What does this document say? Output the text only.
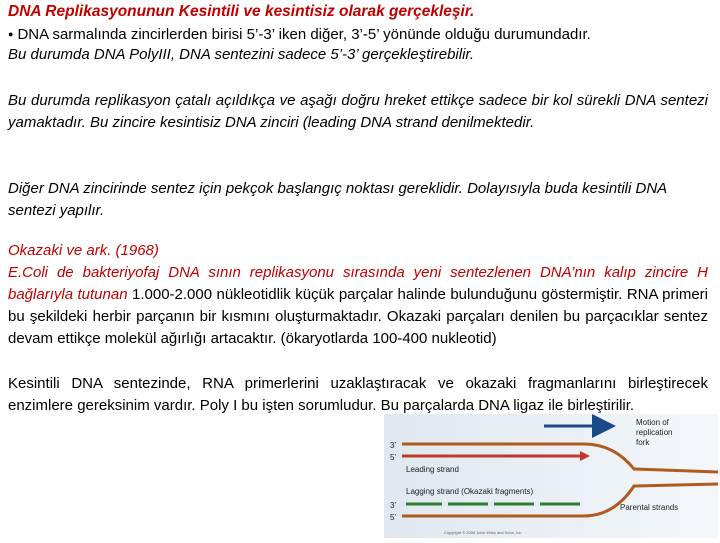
DNA Replikasyonunun Kesintili ve kesintisiz olarak gerçekleşir.
● DNA sarmalında zincirlerden birisi 5’-3’ iken diğer, 3’-5’ yönünde olduğu durumundadır.
Bu durumda DNA PolyIII, DNA sentezini sadece 5’-3’ gerçekleştirebilir.
Bu durumda replikasyon çatalı açıldıkça ve aşağı doğru hreket ettikçe sadece bir kol sürekli DNA sentezi yamaktadır. Bu zincire kesintisiz DNA zinciri (leading DNA strand denilmektedir.
Diğer DNA zincirinde sentez için pekçok başlangıç noktası gereklidir. Dolayısıyla buda kesintili DNA sentezi yapılır.
Okazaki ve ark. (1968)
E.Coli de bakteriyofaj DNA sının replikasyonu sırasında yeni sentezlenen DNA’nın kalıp zincire H bağlarıyla tutunan 1.000-2.000 nükleotidlik küçük parçalar halinde bulunduğunu göstermiştir. RNA primeri bu şekildeki herbir parçanın bir kısmını oluşturmaktadır. Okazaki parçaları denilen bu parçacıklar sentez devam ettikçe molekül ağırlığı artacaktır. (ökaryotlarda 100-400 nukleotid)
Kesintili DNA sentezinde, RNA primerlerini uzaklaştıracak ve okazaki fragmanlarını birleştirecek enzimlere gereksinim vardır. Poly I bu işten sorumludur. Bu parçalarda DNA ligaz ile birleştirilir.
Motion of
replication
fork
3’
5’
Leading strand
Lagging strand (Okazaki fragments)
3’
5’
Parental strands
Copyright © 2006 John Wiley and Sons, Inc.
